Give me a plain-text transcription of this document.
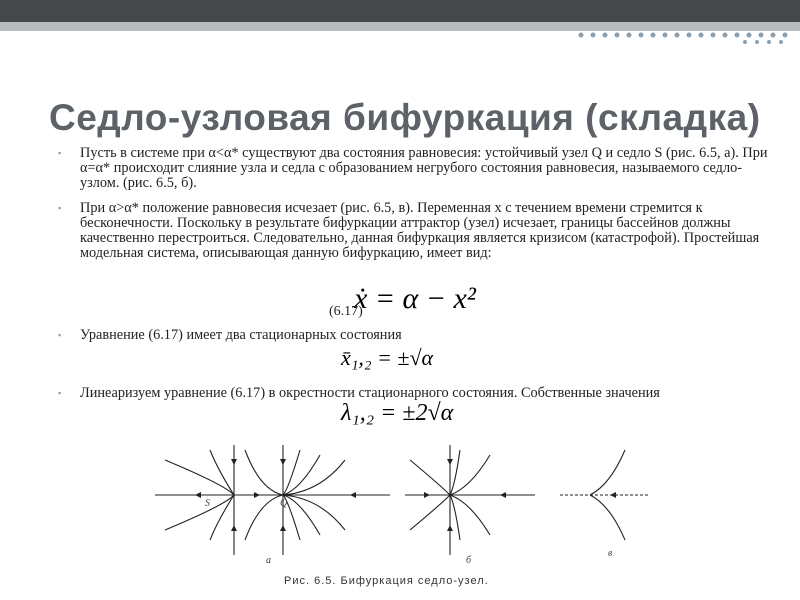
Седло-узловая бифуркация (складка)
Пусть в системе при α<α* существуют два состояния равновесия: устойчивый узел Q и седло S (рис. 6.5, а). При α=α* происходит слияние узла и седла с образованием негрубого состояния равновесия, называемого седло-узлом. (рис. 6.5, б).
При α>α* положение равновесия исчезает (рис. 6.5, в). Переменная x с течением времени стремится к бесконечности. Поскольку в результате бифуркации аттрактор (узел) исчезает, границы бассейнов должны качественно перестроиться. Следовательно, данная бифуркация является кризисом (катастрофой). Простейшая модельная система, описывающая данную бифуркацию, имеет вид:
ẋ = α − x²
(6.17)
Уравнение (6.17) имеет два стационарных состояния
x̄₁,₂ = ±√α
Линеаризуем уравнение (6.17) в окрестности стационарного состояния. Собственные значения
λ₁,₂ = ±2√α
S	Q
а	б
в
Рис. 6.5. Бифуркация седло-узел.
